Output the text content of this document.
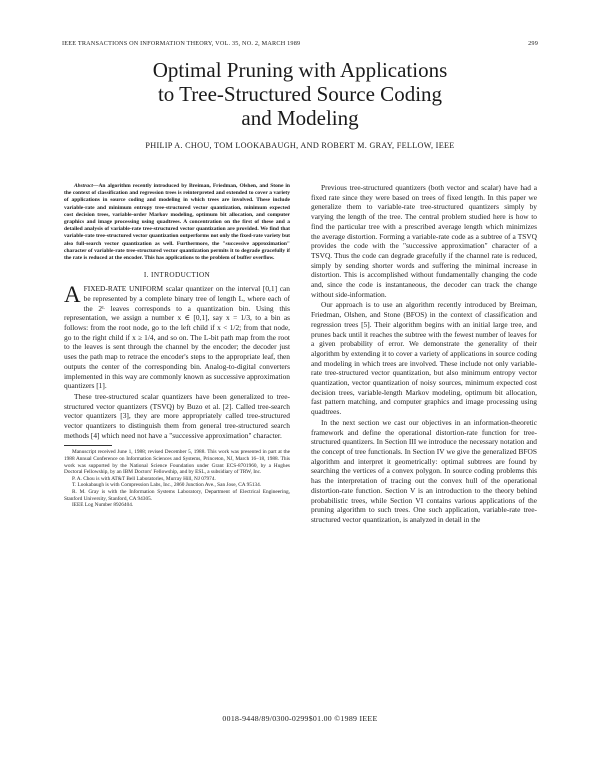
IEEE TRANSACTIONS ON INFORMATION THEORY, VOL. 35, NO. 2, MARCH 1989	299
Optimal Pruning with Applications
to Tree-Structured Source Coding
and Modeling
PHILIP A. CHOU, TOM LOOKABAUGH, AND ROBERT M. GRAY, FELLOW, IEEE

Abstract—An algorithm recently introduced by Breiman, Friedman, Olshen, and Stone in the context of classification and regression trees is reinterpreted and extended to cover a variety of applications in source coding and modeling in which trees are involved. These include variable-rate and minimum entropy tree-structured vector quantization, minimum expected cost decision trees, variable-order Markov modeling, optimum bit allocation, and computer graphics and image processing using quadtrees. A concentration on the first of these and a detailed analysis of variable-rate tree-structured vector quantization are provided. We find that variable-rate tree-structured vector quantization outperforms not only the fixed-rate variety but also full-search vector quantization as well. Furthermore, the "successive approximation" character of variable-rate tree-structured vector quantization permits it to degrade gracefully if the rate is reduced at the encoder. This has applications to the problem of buffer overflow.

I. INTRODUCTION

AFIXED-RATE UNIFORM scalar quantizer on the interval [0,1] can be represented by a complete binary tree of length L, where each of the 2ᴸ leaves corresponds to a quantization bin. Using this representation, we assign a number x ∈ [0,1], say x = 1/3, to a bin as follows: from the root node, go to the left child if x < 1/2; from that node, go to the right child if x ≥ 1/4, and so on. The L-bit path map from the root to the leaves is sent through the channel by the encoder; the decoder just uses the path map to retrace the encoder's steps to the appropriate leaf, then outputs the center of the corresponding bin. Analog-to-digital converters implemented in this way are commonly known as successive approximation quantizers [1].

These tree-structured scalar quantizers have been generalized to tree-structured vector quantizers (TSVQ) by Buzo et al. [2]. Called tree-search vector quantizers [3], they are more appropriately called tree-structured vector quantizers to distinguish them from general tree-structured search methods [4] which need not have a "successive approximation" character.

Manuscript received June 1, 1988; revised December 5, 1988. This work was presented in part at the 1988 Annual Conference on Information Sciences and Systems, Princeton, NJ, March 16–18, 1988. This work was supported by the National Science Foundation under Grant ECS-8701960, by a Hughes Doctoral Fellowship, by an IBM Doctors' Fellowship, and by ESL, a subsidiary of TRW, Inc.

P. A. Chou is with AT&T Bell Laboratories, Murray Hill, NJ 07974.

T. Lookabaugh is with Compression Labs, Inc., 2860 Junction Ave., San Jose, CA 95134.

R. M. Gray is with the Information Systems Laboratory, Department of Electrical Engineering, Stanford University, Stanford, CA 94305.

IEEE Log Number 8926404.

Previous tree-structured quantizers (both vector and scalar) have had a fixed rate since they were based on trees of fixed length. In this paper we generalize them to variable-rate tree-structured quantizers simply by varying the length of the tree. The central problem studied here is how to find the particular tree with a prescribed average length which minimizes the average distortion. Forming a variable-rate code as a subtree of a TSVQ provides the code with the "successive approximation" character of a TSVQ. Thus the code can degrade gracefully if the channel rate is reduced, simply by sending shorter words and suffering the minimal increase in distortion. This is accomplished without fundamentally changing the code and, since the code is instantaneous, the decoder can track the change without side-information.

Our approach is to use an algorithm recently introduced by Breiman, Friedman, Olshen, and Stone (BFOS) in the context of classification and regression trees [5]. Their algorithm begins with an initial large tree, and prunes back until it reaches the subtree with the fewest number of leaves for a given probability of error. We demonstrate the generality of their algorithm by extending it to cover a variety of applications in source coding and modeling in which trees are involved. These include not only variable-rate tree-structured vector quantization, but also minimum entropy vector quantization, vector quantization of noisy sources, minimum expected cost decision trees, variable-length Markov modeling, optimum bit allocation, fast pattern matching, and computer graphics and image processing using quadtrees.

In the next section we cast our objectives in an information-theoretic framework and define the operational distortion-rate function for tree-structured quantizers. In Section III we introduce the necessary notation and the concept of tree functionals. In Section IV we give the generalized BFOS algorithm and interpret it geometrically: optimal subtrees are found by searching the vertices of a convex polygon. In source coding problems this has the interpretation of tracing out the convex hull of the operational distortion-rate function. Section V is an introduction to the theory behind probabilistic trees, while Section VI contains various applications of the pruning algorithm to such trees. One such application, variable-rate tree-structured vector quantization, is analyzed in detail in the

0018-9448/89/0300-0299$01.00 ©1989 IEEE
